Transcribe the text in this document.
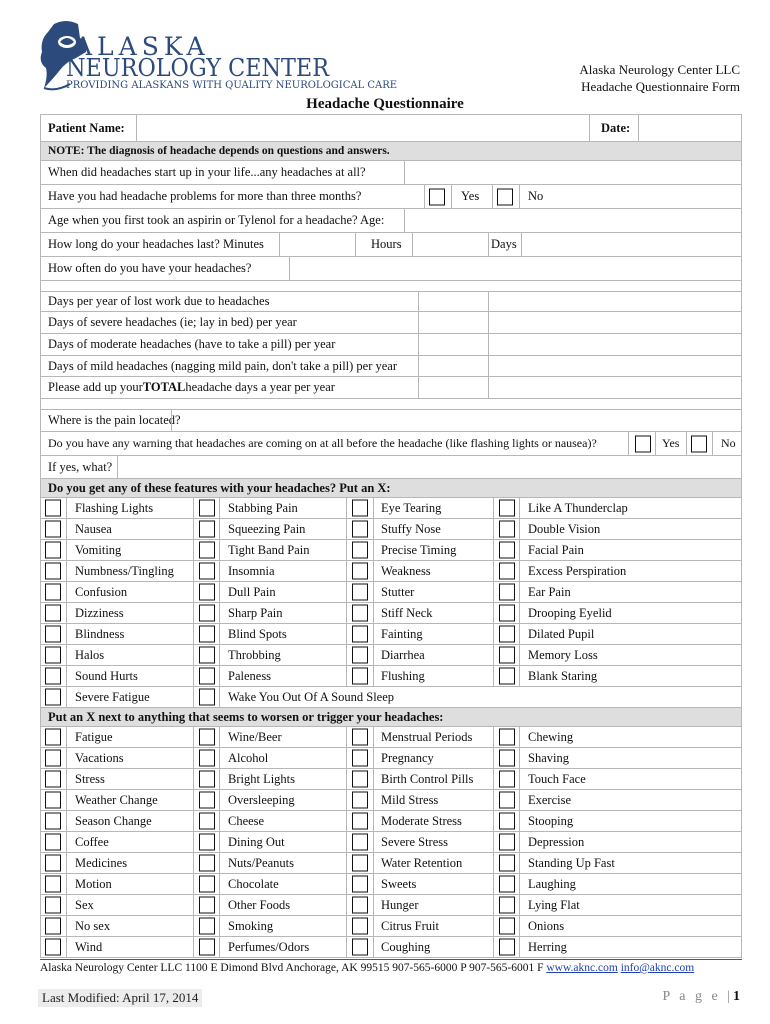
ALASKA
NEUROLOGY CENTER
PROVIDING ALASKANS WITH QUALITY NEUROLOGICAL CARE
Alaska Neurology Center LLC
Headache Questionnaire Form
Headache Questionnaire
Patient Name:	Date:
NOTE: The diagnosis of headache depends on questions and answers.
When did headaches start up in your life...any headaches at all?
Have you had headache problems for more than three months?	Yes	No
Age when you first took an aspirin or Tylenol for a headache? Age:
How long do your headaches last? Minutes	Hours	Days
How often do you have your headaches?
Days per year of lost work due to headaches
Days of severe headaches (ie; lay in bed) per year
Days of moderate headaches (have to take a pill) per year
Days of mild headaches (nagging mild pain, don't take a pill) per year
Please add up your TOTAL headache days a year per year
Where is the pain located?
Do you have any warning that headaches are coming on at all before the headache (like flashing lights or nausea)?	Yes	No
If yes, what?
Do you get any of these features with your headaches? Put an X:
Flashing Lights	Stabbing Pain	Eye Tearing	Like A Thunderclap
Nausea	Squeezing Pain	Stuffy Nose	Double Vision
Vomiting	Tight Band Pain	Precise Timing	Facial Pain
Numbness/Tingling	Insomnia	Weakness	Excess Perspiration
Confusion	Dull Pain	Stutter	Ear Pain
Dizziness	Sharp Pain	Stiff Neck	Drooping Eyelid
Blindness	Blind Spots	Fainting	Dilated Pupil
Halos	Throbbing	Diarrhea	Memory Loss
Sound Hurts	Paleness	Flushing	Blank Staring
Severe Fatigue	Wake You Out Of A Sound Sleep
Put an X next to anything that seems to worsen or trigger your headaches:
Fatigue	Wine/Beer	Menstrual Periods	Chewing
Vacations	Alcohol	Pregnancy	Shaving
Stress	Bright Lights	Birth Control Pills	Touch Face
Weather Change	Oversleeping	Mild Stress	Exercise
Season Change	Cheese	Moderate Stress	Stooping
Coffee	Dining Out	Severe Stress	Depression
Medicines	Nuts/Peanuts	Water Retention	Standing Up Fast
Motion	Chocolate	Sweets	Laughing
Sex	Other Foods	Hunger	Lying Flat
No sex	Smoking	Citrus Fruit	Onions
Wind	Perfumes/Odors	Coughing	Herring
Alaska Neurology Center LLC 1100 E Dimond Blvd Anchorage, AK 99515 907-565-6000 P 907-565-6001 F www.aknc.com info@aknc.com
Last Modified: April 17, 2014	P a g e |1
